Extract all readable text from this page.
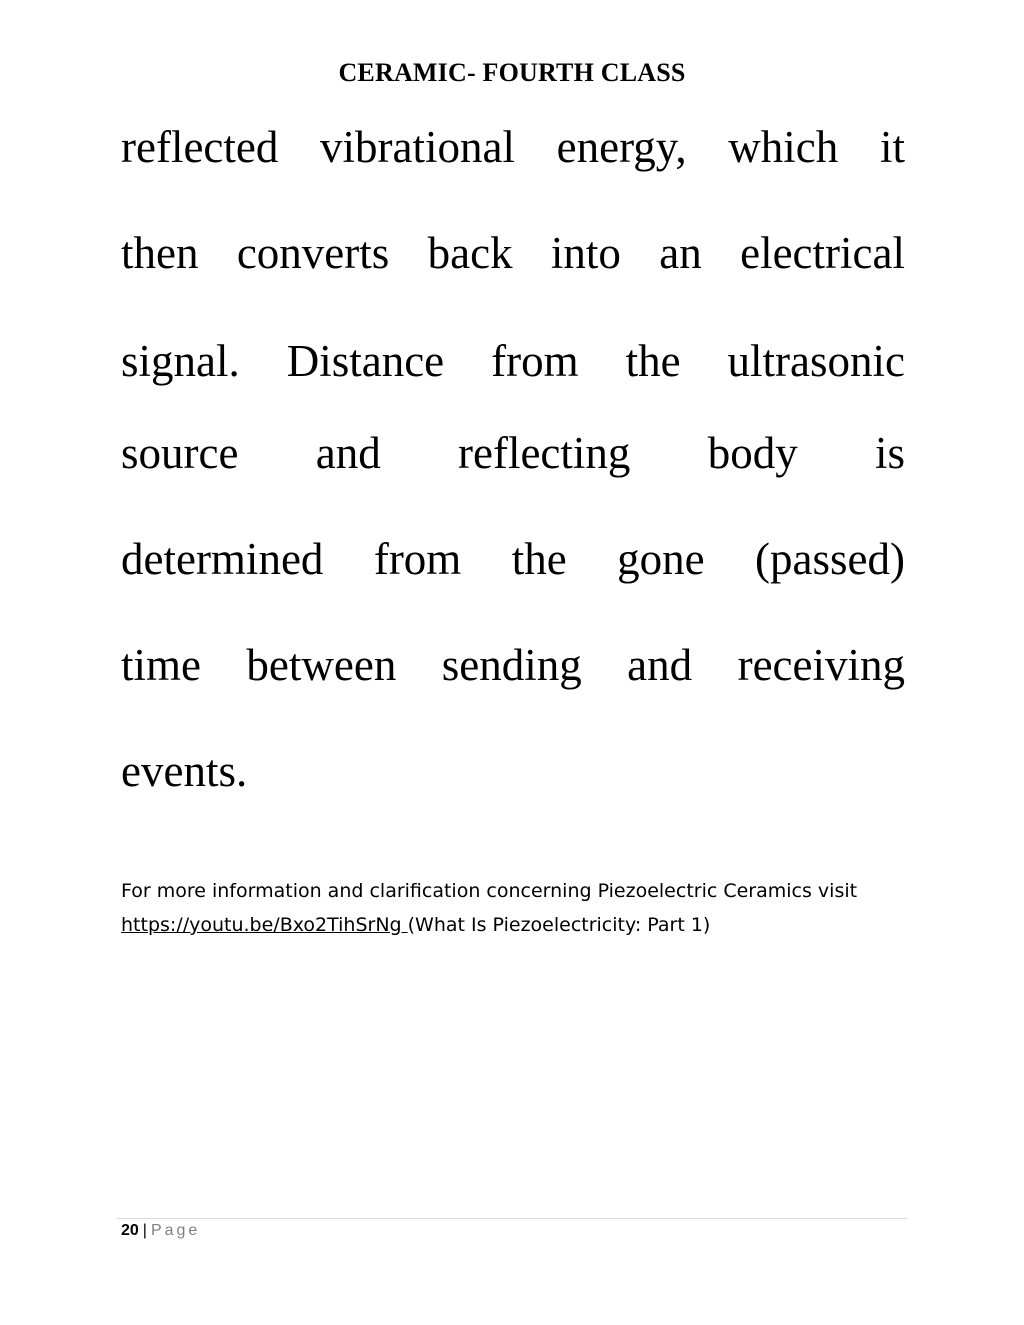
CERAMIC- FOURTH CLASS
reflected vibrational energy, which it
then converts back into an electrical
signal. Distance from the ultrasonic
source and reflecting body is
determined from the gone (passed)
time between sending and receiving
events.
For more information and clarification concerning Piezoelectric Ceramics visit
https://youtu.be/Bxo2TihSrNg (What Is Piezoelectricity: Part 1)
20 | Page
